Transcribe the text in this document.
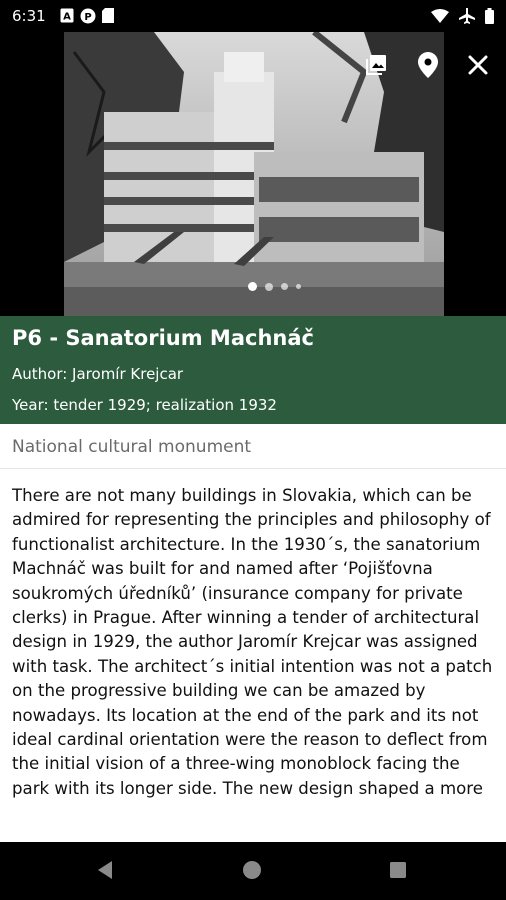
6:31 A P
P6 - Sanatorium Machnáč
Author: Jaromír Krejcar
Year: tender 1929; realization 1932
National cultural monument

There are not many buildings in Slovakia, which can be admired for representing the principles and philosophy of functionalist architecture. In the 1930´s, the sanatorium Machnáč was built for and named after ‘Pojišťovna soukromých úředníků’ (insurance company for private clerks) in Prague. After winning a tender of architectural design in 1929, the author Jaromír Krejcar was assigned with task. The architect´s initial intention was not a patch on the progressive building we can be amazed by nowadays. Its location at the end of the park and its not ideal cardinal orientation were the reason to deflect from the initial vision of a three-wing monoblock facing the park with its longer side. The new design shaped a more
